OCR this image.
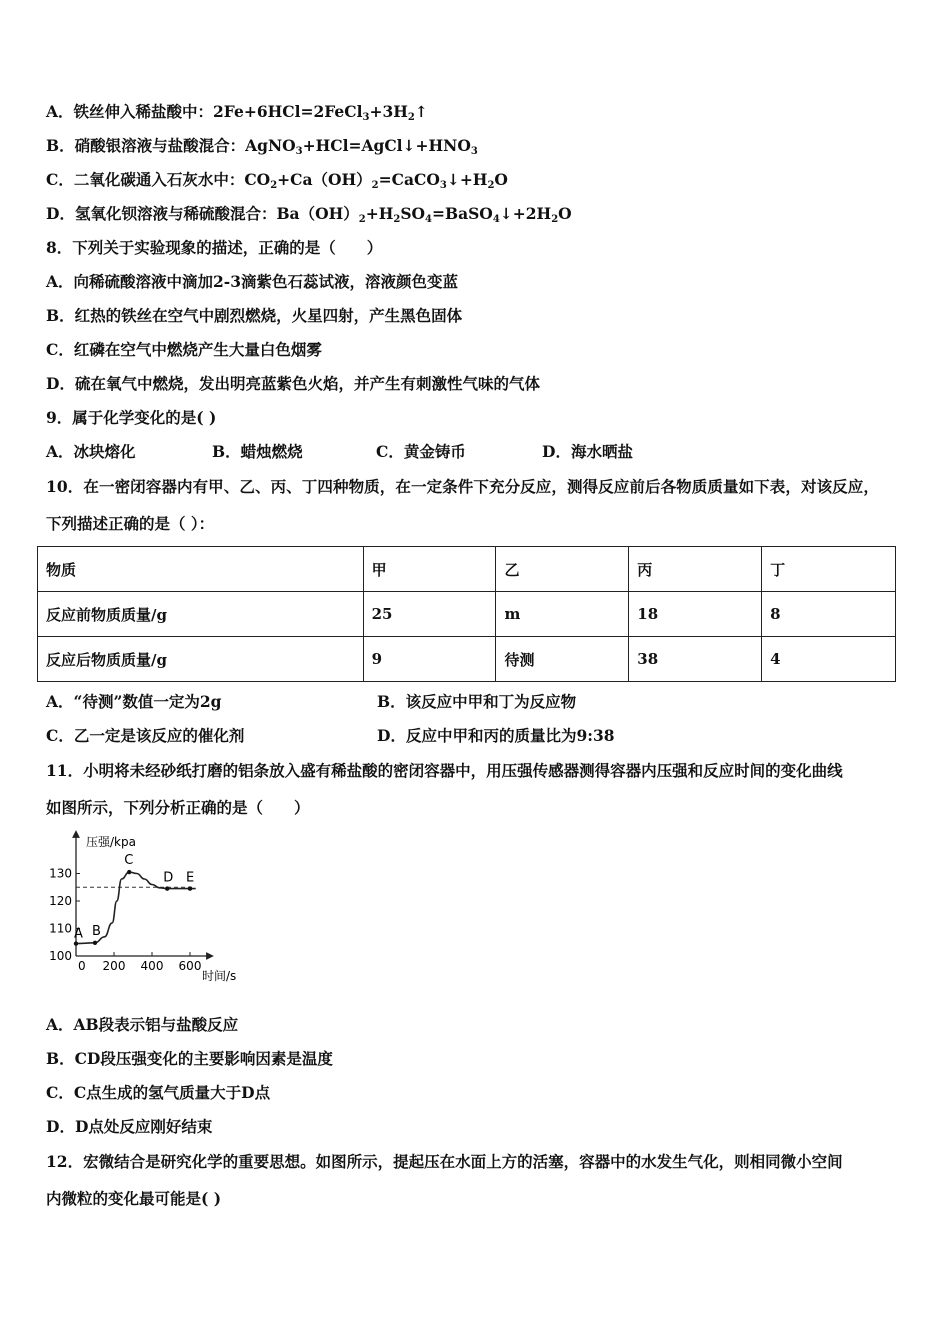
A．铁丝伸入稀盐酸中：$2Fe+6HCl=2FeCl_3+3H_2↑$
B．硝酸银溶液与盐酸混合：$AgNO_3+HCl=AgCl↓+HNO_3$
C．二氧化碳通入石灰水中：$CO_2+Ca(OH)_2=CaCO_3↓+H_2O$
D．氢氧化钡溶液与稀硫酸混合：$Ba(OH)_2+H_2SO_4=BaSO_4↓+2H_2O$
8．下列关于实验现象的描述，正确的是（　　）
A．向稀硫酸溶液中滴加2-3滴紫色石蕊试液，溶液颜色变蓝
B．红热的铁丝在空气中剧烈燃烧，火星四射，产生黑色固体
C．红磷在空气中燃烧产生大量白色烟雾
D．硫在氧气中燃烧，发出明亮蓝紫色火焰，并产生有刺激性气味的气体
9．属于化学变化的是( )
A．冰块熔化	B．蜡烛燃烧	C．黄金铸币	D．海水晒盐
10．在一密闭容器内有甲、乙、丙、丁四种物质，在一定条件下充分反应，测得反应前后各物质质量如下表，对该反应，
下列描述正确的是（ ）：
物质	甲	乙	丙	丁
反应前物质质量/g	25	m	18	8
反应后物质质量/g	9	待测	38	4
A．“待测”数值一定为2g	B．该反应中甲和丁为反应物
C．乙一定是该反应的催化剂	D．反应中甲和丙的质量比为9:38
11．小明将未经砂纸打磨的铝条放入盛有稀盐酸的密闭容器中，用压强传感器测得容器内压强和反应时间的变化曲线
如图所示，下列分析正确的是（　　）
压强/kpa
时间/s
100
110
120
130
0 200 400 600
A B
C
D E
A．AB段表示铝与盐酸反应
B．CD段压强变化的主要影响因素是温度
C．C点生成的氢气质量大于D点
D．D点处反应刚好结束
12．宏微结合是研究化学的重要思想。如图所示，提起压在水面上方的活塞，容器中的水发生气化，则相同微小空间
内微粒的变化最可能是( )
